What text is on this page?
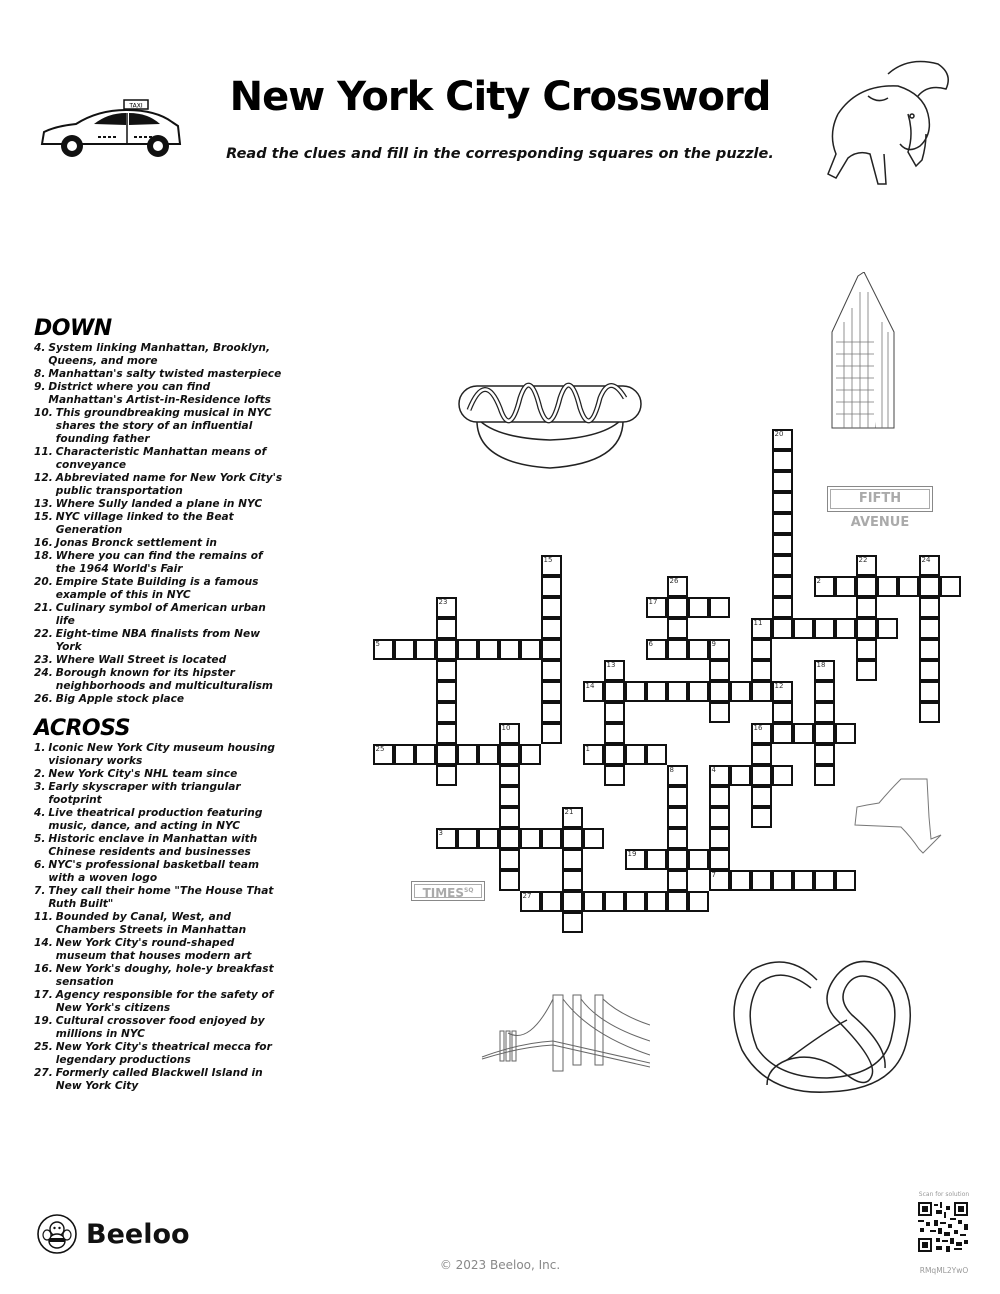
New York City Crossword
Read the clues and fill in the corresponding squares on the puzzle.
TAXI
DOWN
4. System linking Manhattan, Brooklyn, Queens, and more
8. Manhattan's salty twisted masterpiece
9. District where you can find Manhattan's Artist-in-Residence lofts
10. This groundbreaking musical in NYC shares the story of an influential founding father
11. Characteristic Manhattan means of conveyance
12. Abbreviated name for New York City's public transportation
13. Where Sully landed a plane in NYC
15. NYC village linked to the Beat Generation
16. Jonas Bronck settlement in
18. Where you can find the remains of the 1964 World's Fair
20. Empire State Building is a famous example of this in NYC
21. Culinary symbol of American urban life
22. Eight-time NBA finalists from New York
23. Where Wall Street is located
24. Borough known for its hipster neighborhoods and multiculturalism
26. Big Apple stock place
ACROSS
1. Iconic New York City museum housing visionary works
2. New York City's NHL team since
3. Early skyscraper with triangular footprint
4. Live theatrical production featuring music, dance, and acting in NYC
5. Historic enclave in Manhattan with Chinese residents and businesses
6. NYC's professional basketball team with a woven logo
7. They call their home "The House That Ruth Built"
11. Bounded by Canal, West, and Chambers Streets in Manhattan
14. New York City's round-shaped museum that houses modern art
16. New York's doughy, hole-y breakfast sensation
17. Agency responsible for the safety of New York's citizens
19. Cultural crossover food enjoyed by millions in NYC
25. New York City's theatrical mecca for legendary productions
27. Formerly called Blackwell Island in New York City
FIFTH AVENUE
$TIMES^{SQ}$
1
2
3
4
5	6	9
7
11
14	12
16
17
19
25
27
8
10
13
15
18
20
21
22
23
24
26
Beeloo
© 2023 Beeloo, Inc.
Scan for solution
RMqML2YwO
